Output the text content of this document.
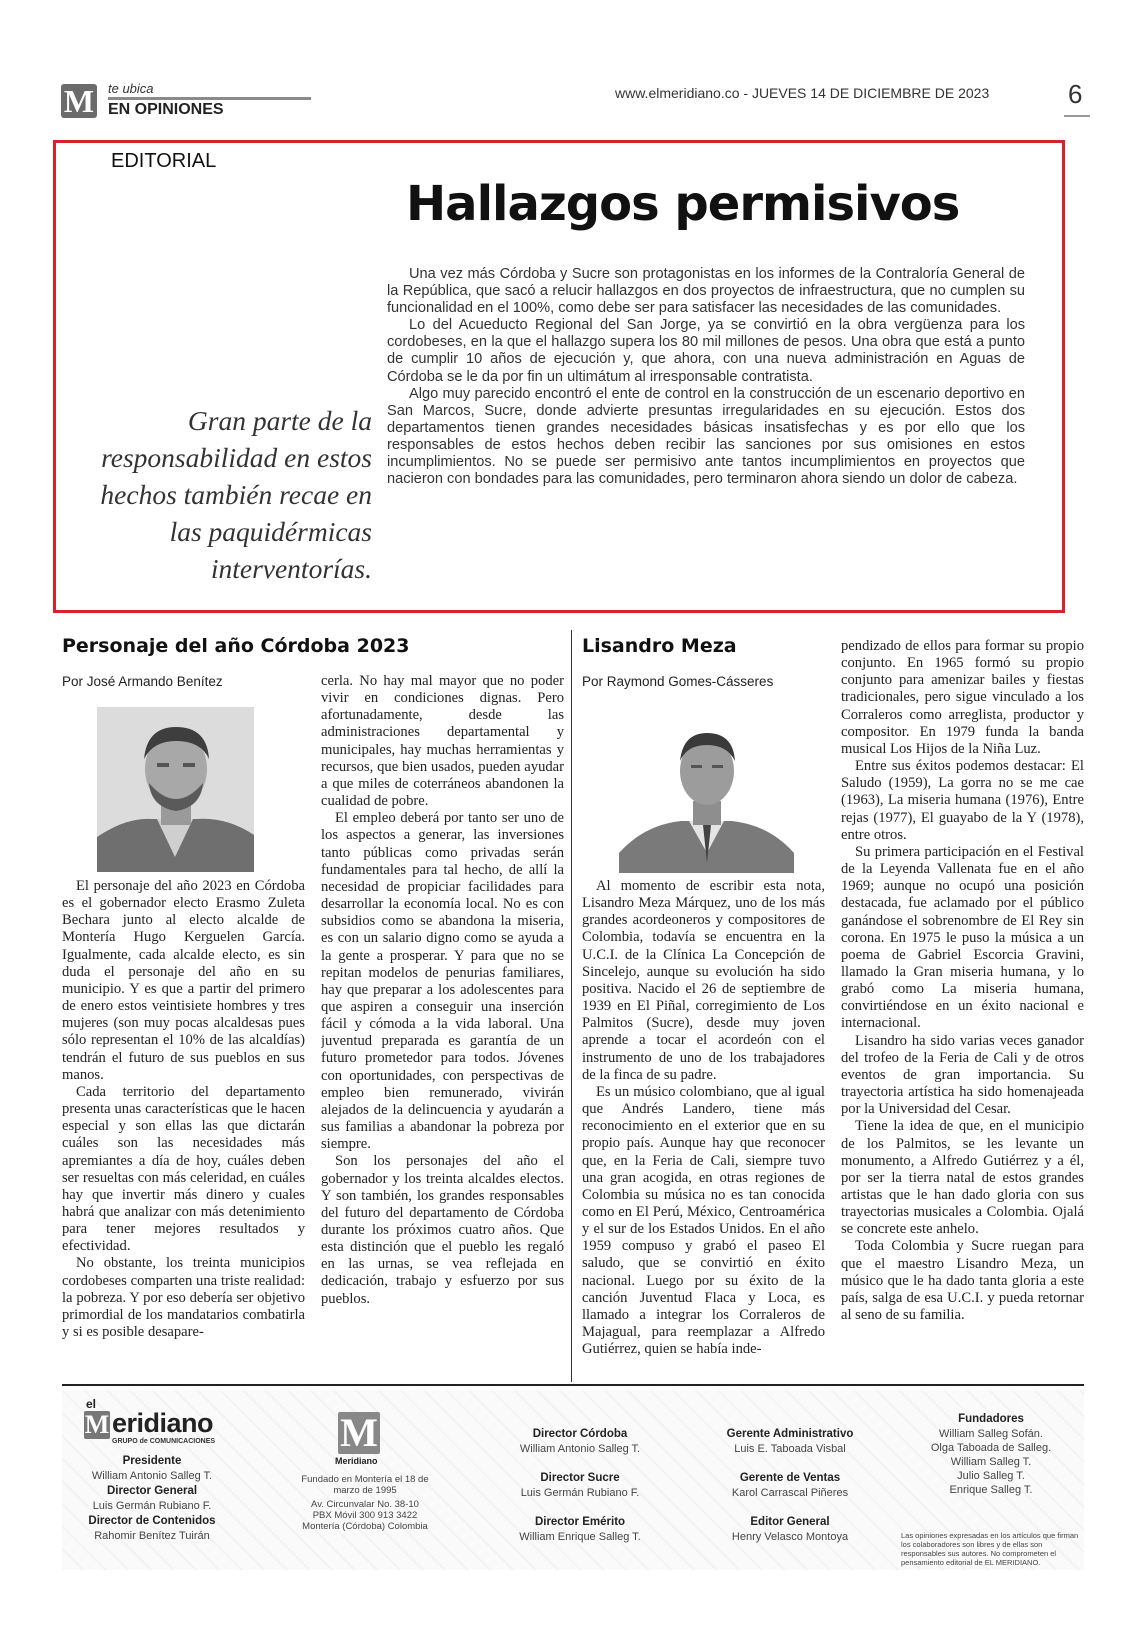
M te ubica
EN OPINIONES
www.elmeridiano.co - JUEVES 14 DE DICIEMBRE DE 2023	6
EDITORIAL
Hallazgos permisivos
Gran parte de la responsabilidad en estos hechos también recae en las paquidérmicas interventorías.

Una vez más Córdoba y Sucre son protagonistas en los informes de la Contraloría General de la República, que sacó a relucir hallazgos en dos proyectos de infraestructura, que no cumplen su funcionalidad en el 100%, como debe ser para satisfacer las necesidades de las comunidades.

Lo del Acueducto Regional del San Jorge, ya se convirtió en la obra vergüenza para los cordobeses, en la que el hallazgo supera los 80 mil millones de pesos. Una obra que está a punto de cumplir 10 años de ejecución y, que ahora, con una nueva administración en Aguas de Córdoba se le da por fin un ultimátum al irresponsable contratista.

Algo muy parecido encontró el ente de control en la construcción de un escenario deportivo en San Marcos, Sucre, donde advierte presuntas irregularidades en su ejecución. Estos dos departamentos tienen grandes necesidades básicas insatisfechas y es por ello que los responsables de estos hechos deben recibir las sanciones por sus omisiones en estos incumplimientos. No se puede ser permisivo ante tantos incumplimientos en proyectos que nacieron con bondades para las comunidades, pero terminaron ahora siendo un dolor de cabeza.

Personaje del año Córdoba 2023
Por José Armando Benítez

El personaje del año 2023 en Córdoba es el gobernador electo Erasmo Zuleta Bechara junto al electo alcalde de Montería Hugo Kerguelen García. Igualmente, cada alcalde electo, es sin duda el personaje del año en su municipio. Y es que a partir del primero de enero estos veintisiete hombres y tres mujeres (son muy pocas alcaldesas pues sólo representan el 10% de las alcaldías) tendrán el futuro de sus pueblos en sus manos.

Cada territorio del departamento presenta unas características que le hacen especial y son ellas las que dictarán cuáles son las necesidades más apremiantes a día de hoy, cuáles deben ser resueltas con más celeridad, en cuáles hay que invertir más dinero y cuales habrá que analizar con más detenimiento para tener mejores resultados y efectividad.

No obstante, los treinta municipios cordobeses comparten una triste realidad: la pobreza. Y por eso debería ser objetivo primordial de los mandatarios combatirla y si es posible desapare-

cerla. No hay mal mayor que no poder vivir en condiciones dignas. Pero afortunadamente, desde las administraciones departamental y municipales, hay muchas herramientas y recursos, que bien usados, pueden ayudar a que miles de coterráneos abandonen la cualidad de pobre.

El empleo deberá por tanto ser uno de los aspectos a generar, las inversiones tanto públicas como privadas serán fundamentales para tal hecho, de allí la necesidad de propiciar facilidades para desarrollar la economía local. No es con subsidios como se abandona la miseria, es con un salario digno como se ayuda a la gente a prosperar. Y para que no se repitan modelos de penurias familiares, hay que preparar a los adolescentes para que aspiren a conseguir una inserción fácil y cómoda a la vida laboral. Una juventud preparada es garantía de un futuro prometedor para todos. Jóvenes con oportunidades, con perspectivas de empleo bien remunerado, vivirán alejados de la delincuencia y ayudarán a sus familias a abandonar la pobreza por siempre.

Son los personajes del año el gobernador y los treinta alcaldes electos. Y son también, los grandes responsables del futuro del departamento de Córdoba durante los próximos cuatro años. Que esta distinción que el pueblo les regaló en las urnas, se vea reflejada en dedicación, trabajo y esfuerzo por sus pueblos.

Lisandro Meza
Por Raymond Gomes-Cásseres

Al momento de escribir esta nota, Lisandro Meza Márquez, uno de los más grandes acordeoneros y compositores de Colombia, todavía se encuentra en la U.C.I. de la Clínica La Concepción de Sincelejo, aunque su evolución ha sido positiva. Nacido el 26 de septiembre de 1939 en El Piñal, corregimiento de Los Palmitos (Sucre), desde muy joven aprende a tocar el acordeón con el instrumento de uno de los trabajadores de la finca de su padre.

Es un músico colombiano, que al igual que Andrés Landero, tiene más reconocimiento en el exterior que en su propio país. Aunque hay que reconocer que, en la Feria de Cali, siempre tuvo una gran acogida, en otras regiones de Colombia su música no es tan conocida como en El Perú, México, Centroamérica y el sur de los Estados Unidos. En el año 1959 compuso y grabó el paseo El saludo, que se convirtió en éxito nacional. Luego por su éxito de la canción Juventud Flaca y Loca, es llamado a integrar los Corraleros de Majagual, para reemplazar a Alfredo Gutiérrez, quien se había inde-

pendizado de ellos para formar su propio conjunto. En 1965 formó su propio conjunto para amenizar bailes y fiestas tradicionales, pero sigue vinculado a los Corraleros como arreglista, productor y compositor. En 1979 funda la banda musical Los Hijos de la Niña Luz.

Entre sus éxitos podemos destacar: El Saludo (1959), La gorra no se me cae (1963), La miseria humana (1976), Entre rejas (1977), El guayabo de la Y (1978), entre otros.

Su primera participación en el Festival de la Leyenda Vallenata fue en el año 1969; aunque no ocupó una posición destacada, fue aclamado por el público ganándose el sobrenombre de El Rey sin corona. En 1975 le puso la música a un poema de Gabriel Escorcia Gravini, llamado la Gran miseria humana, y lo grabó como La miseria humana, convirtiéndose en un éxito nacional e internacional.

Lisandro ha sido varias veces ganador del trofeo de la Feria de Cali y de otros eventos de gran importancia. Su trayectoria artística ha sido homenajeada por la Universidad del Cesar.

Tiene la idea de que, en el municipio de los Palmitos, se les levante un monumento, a Alfredo Gutiérrez y a él, por ser la tierra natal de estos grandes artistas que le han dado gloria con sus trayectorias musicales a Colombia. Ojalá se concrete este anhelo.

Toda Colombia y Sucre ruegan para que el maestro Lisandro Meza, un músico que le ha dado tanta gloria a este país, salga de esa U.C.I. y pueda retornar al seno de su familia.

el
M eridiano
GRUPO de COMUNICACIONES
Presidente
William Antonio Salleg T.
Director General
Luis Germán Rubiano F.
Director de Contenidos
Rahomir Benítez Tuirán
M
Meridiano
Fundado en Montería el 18 de marzo de 1995
Av. Circunvalar No. 38-10
PBX Móvil 300 913 3422
Montería (Córdoba) Colombia
Director Córdoba
William Antonio Salleg T.
Director Sucre
Luis Germán Rubiano F.
Director Emérito
William Enrique Salleg T.
Gerente Administrativo
Luis E. Taboada Visbal
Gerente de Ventas
Karol Carrascal Piñeres
Editor General
Henry Velasco Montoya
Fundadores
William Salleg Sofán.
Olga Taboada de Salleg.
William Salleg T.
Julio Salleg T.
Enrique Salleg T.
Las opiniones expresadas en los artículos que firman los colaboradores son libres y de ellas son responsables sus autores. No comprometen el pensamiento editorial de EL MERIDIANO.
